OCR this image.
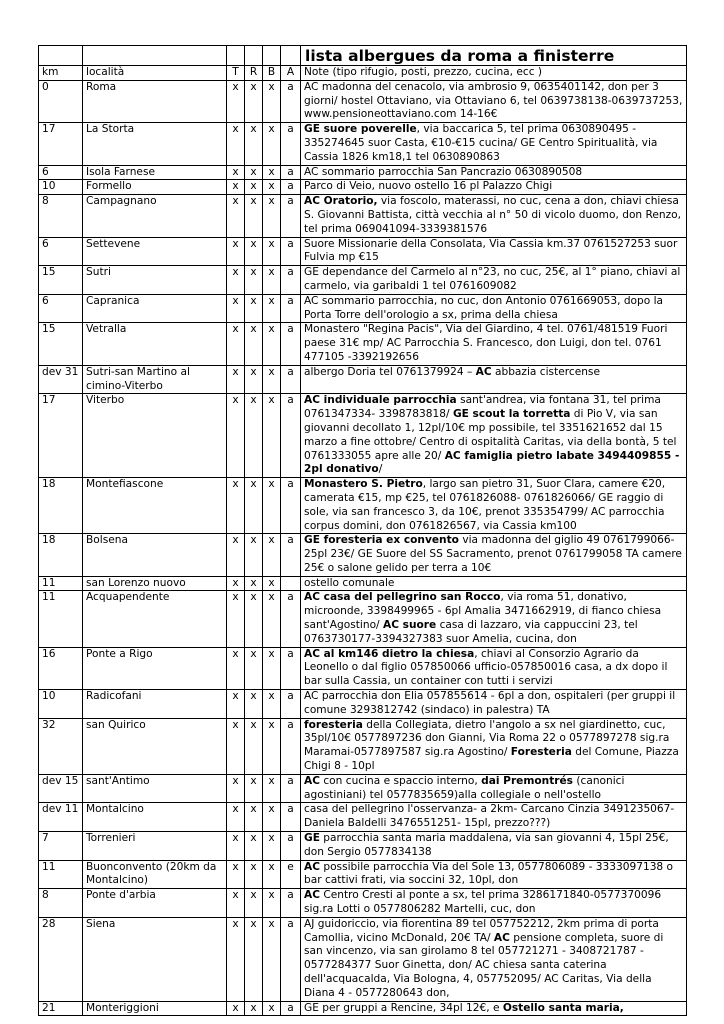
						lista albergues da roma a finisterre
km	località	T	R	B	A	Note (tipo rifugio, posti, prezzo, cucina, ecc )
0	Roma	x	x	x	a	AC madonna del cenacolo, via ambrosio 9, 0635401142, don per 3 giorni/ hostel Ottaviano, via Ottaviano 6, tel 0639738138-0639737253, www.pensioneottaviano.com 14-16€
17	La Storta	x	x	x	a	GE suore poverelle, via baccarica 5, tel prima 0630890495 - 335274645 suor Casta, €10-€15 cucina/ GE Centro Spiritualità, via Cassia 1826 km18,1 tel 0630890863
6	Isola Farnese	x	x	x	a	AC sommario parrocchia San Pancrazio 0630890508
10	Formello	x	x	x	a	Parco di Veio, nuovo ostello 16 pl Palazzo Chigi
8	Campagnano	x	x	x	a	AC Oratorio, via foscolo, materassi, no cuc, cena a don, chiavi chiesa S. Giovanni Battista, città vecchia al n° 50 di vicolo duomo, don Renzo, tel prima 069041094-3339381576
6	Settevene	x	x	x	a	Suore Missionarie della Consolata, Via Cassia km.37 0761527253 suor Fulvia mp €15
15	Sutri	x	x	x	a	GE dependance del Carmelo al n°23, no cuc, 25€, al 1° piano, chiavi al carmelo, via garibaldi 1 tel 0761609082
6	Capranica	x	x	x	a	AC sommario parrocchia, no cuc, don Antonio 0761669053, dopo la Porta Torre dell'orologio a sx, prima della chiesa
15	Vetralla	x	x	x	a	Monastero "Regina Pacis", Via del Giardino, 4 tel. 0761/481519 Fuori paese 31€ mp/ AC Parrocchia S. Francesco, don Luigi, don tel. 0761 477105 -3392192656
dev 31	Sutri-san Martino al cimino-Viterbo	x	x	x	a	albergo Doria tel 0761379924 – AC abbazia cistercense
17	Viterbo	x	x	x	a	AC individuale parrocchia sant'andrea, via fontana 31, tel prima 0761347334- 3398783818/ GE scout la torretta di Pio V, via san giovanni decollato 1, 12pl/10€ mp possibile, tel 3351621652 dal 15 marzo a fine ottobre/ Centro di ospitalità Caritas, via della bontà, 5 tel 0761333055 apre alle 20/ AC famiglia pietro labate 3494409855 - 2pl donativo/
18	Montefiascone	x	x	x	a	Monastero S. Pietro, largo san pietro 31, Suor Clara, camere €20, camerata €15, mp €25, tel 0761826088- 0761826066/ GE raggio di sole, via san francesco 3, da 10€, prenot 335354799/ AC parrocchia corpus domini, don 0761826567, via Cassia km100
18	Bolsena	x	x	x	a	GE foresteria ex convento via madonna del giglio 49 0761799066- 25pl 23€/ GE Suore del SS Sacramento, prenot 0761799058 TA camere 25€ o salone gelido per terra a 10€
11	san Lorenzo nuovo	x	x	x		ostello comunale
11	Acquapendente	x	x	x	a	AC casa del pellegrino san Rocco, via roma 51, donativo, microonde, 3398499965 - 6pl Amalia 3471662919, di fianco chiesa sant'Agostino/ AC suore casa di lazzaro, via cappuccini 23, tel 0763730177-3394327383 suor Amelia, cucina, don
16	Ponte a Rigo	x	x	x	a	AC al km146 dietro la chiesa, chiavi al Consorzio Agrario da Leonello o dal figlio 057850066 ufficio-057850016 casa, a dx dopo il bar sulla Cassia, un container con tutti i servizi
10	Radicofani	x	x	x	a	AC parrocchia don Elia 057855614 - 6pl a don, ospitaleri (per gruppi il comune 3293812742 (sindaco) in palestra) TA
32	san Quirico	x	x	x	a	foresteria della Collegiata, dietro l'angolo a sx nel giardinetto, cuc, 35pl/10€ 0577897236 don Gianni, Via Roma 22 o 0577897278 sig.ra Maramai-0577897587 sig.ra Agostino/ Foresteria del Comune, Piazza Chigi 8 - 10pl
dev 15	sant'Antimo	x	x	x	a	AC con cucina e spaccio interno, dai Premontrés (canonici agostiniani) tel 0577835659)alla collegiale o nell'ostello
dev 11	Montalcino	x	x	x	a	casa del pellegrino l'osservanza- a 2km- Carcano Cinzia 3491235067- Daniela Baldelli 3476551251- 15pl, prezzo???)
7	Torrenieri	x	x	x	a	GE parrocchia santa maria maddalena, via san giovanni 4, 15pl 25€, don Sergio 0577834138
11	Buonconvento (20km da Montalcino)	x	x	x	e	AC possibile parrocchia Via del Sole 13, 0577806089 - 3333097138 o bar cattivi frati, via soccini 32, 10pl, don
8	Ponte d'arbia	x	x	x	a	AC Centro Cresti al ponte a sx, tel prima 3286171840-0577370096 sig.ra Lotti o 0577806282 Martelli, cuc, don
28	Siena	x	x	x	a	AJ guidoriccio, via fiorentina 89 tel 057752212, 2km prima di porta Camollia, vicino McDonald, 20€ TA/ AC pensione completa, suore di san vincenzo, via san girolamo 8 tel 057721271 - 3408721787 - 0577284377 Suor Ginetta, don/ AC chiesa santa caterina dell'acquacalda, Via Bologna, 4, 057752095/ AC Caritas, Via della Diana 4 - 0577280643 don,
21	Monteriggioni	x	x	x	a	GE per gruppi a Rencine, 34pl 12€, e Ostello santa maria,
